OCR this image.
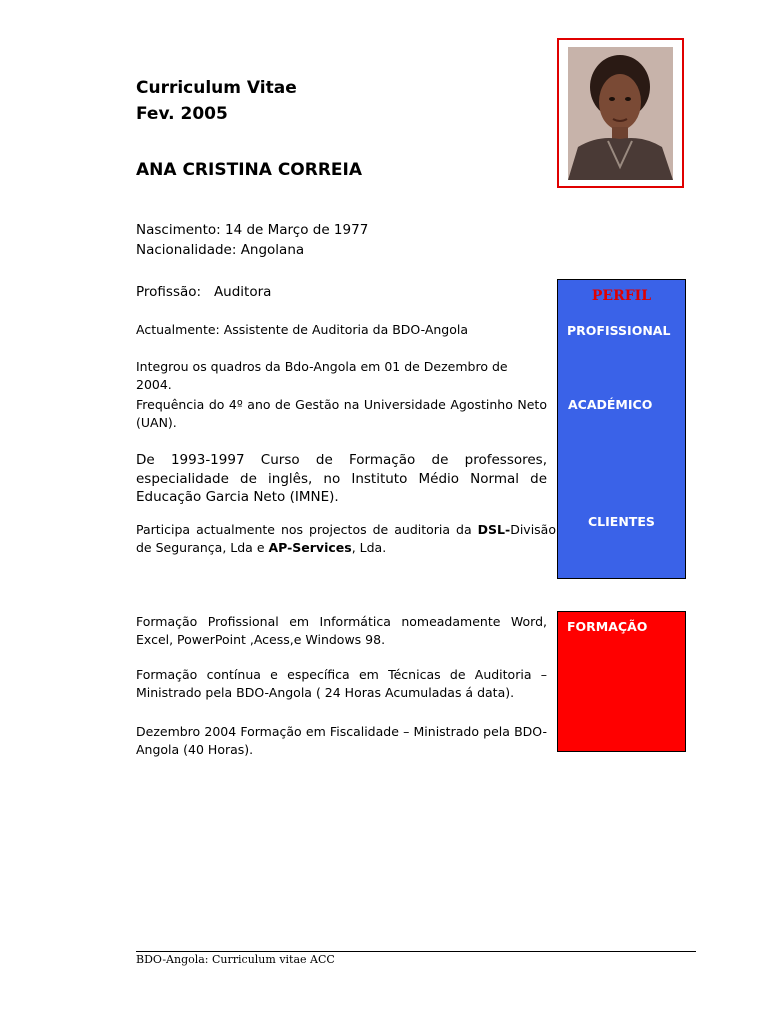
Curriculum Vitae
Fev. 2005
ANA CRISTINA CORREIA
Nascimento: 14 de Março de 1977
Nacionalidade: Angolana
Profissão:   Auditora
Actualmente: Assistente de Auditoria da BDO-Angola
Integrou os quadros da Bdo-Angola em 01 de Dezembro de 2004.
Frequência do 4º ano de Gestão na Universidade Agostinho Neto (UAN).
De 1993-1997 Curso de Formação de professores, especialidade de inglês, no Instituto Médio Normal de Educação Garcia Neto (IMNE).
Participa actualmente nos projectos de auditoria da DSL-Divisão de Segurança, Lda e AP-Services, Lda.
Formação Profissional em Informática nomeadamente Word, Excel, PowerPoint ,Acess,e Windows 98.
Formação contínua e específica em Técnicas de Auditoria – Ministrado pela BDO-Angola ( 24 Horas Acumuladas á data).
Dezembro 2004 Formação em Fiscalidade – Ministrado pela BDO-Angola (40 Horas).
PERFIL
PROFISSIONAL
ACADÉMICO
CLIENTES
FORMAÇÃO
BDO-Angola: Curriculum vitae ACC
